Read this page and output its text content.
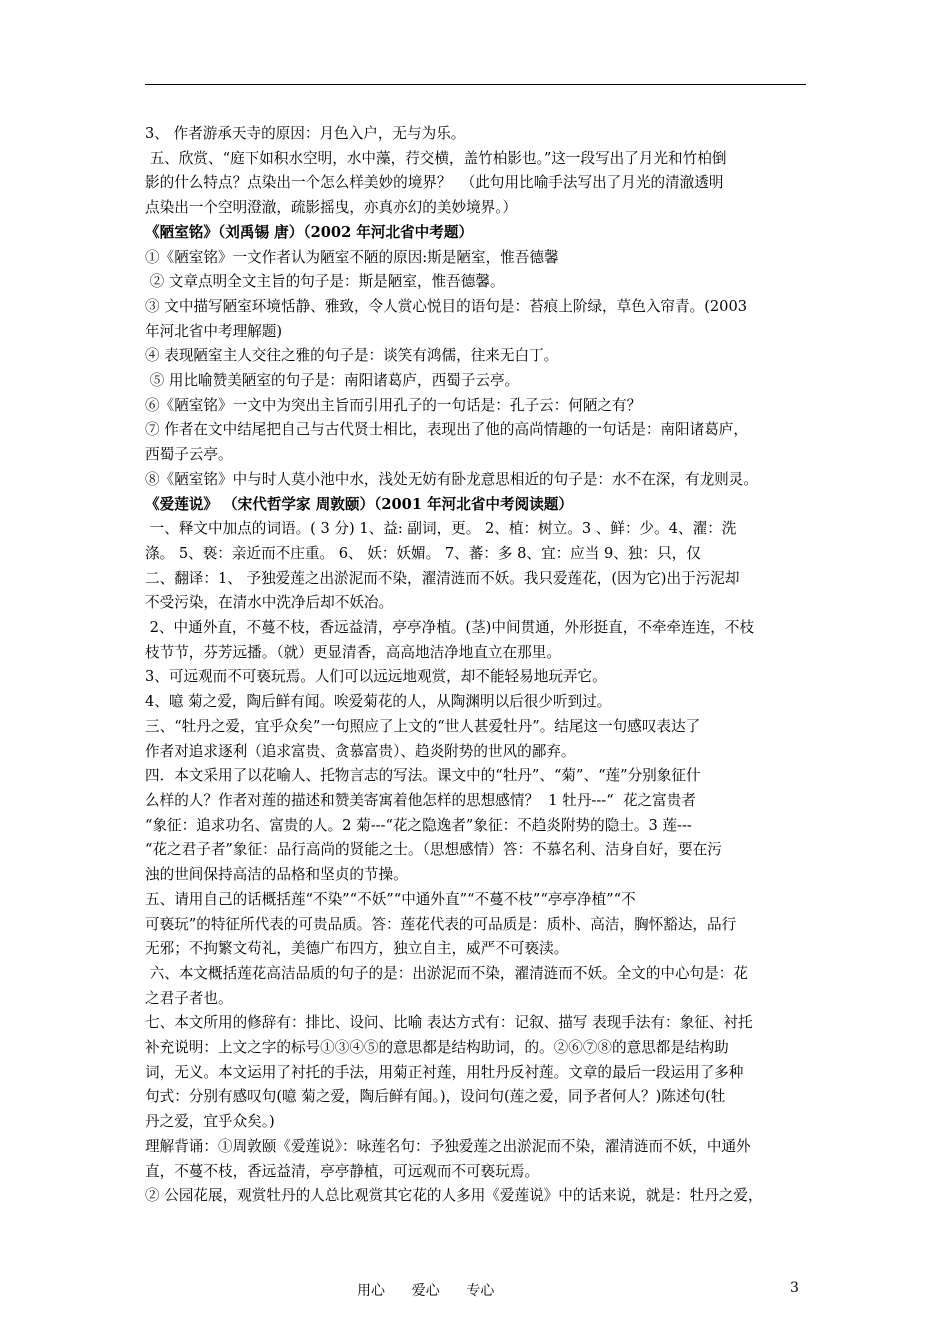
3、 作者游承天寺的原因：月色入户，无与为乐。

五、欣赏、“庭下如积水空明，水中藻，荇交横，盖竹柏影也。”这一段写出了月光和竹柏倒

影的什么特点？点染出一个怎么样美妙的境界？  （此句用比喻手法写出了月光的清澈透明

点染出一个空明澄澈，疏影摇曳，亦真亦幻的美妙境界。）

《陋室铭》（刘禹锡 唐）（2002 年河北省中考题）

①《陋室铭》一文作者认为陋室不陋的原因:斯是陋室，惟吾德馨

② 文章点明全文主旨的句子是：斯是陋室，惟吾德馨。

③ 文中描写陋室环境恬静、雅致，令人赏心悦目的语句是：苔痕上阶绿，草色入帘青。(2003

年河北省中考理解题)

④ 表现陋室主人交往之雅的句子是：谈笑有鸿儒，往来无白丁。

⑤ 用比喻赞美陋室的句子是：南阳诸葛庐，西蜀子云亭。

⑥《陋室铭》一文中为突出主旨而引用孔子的一句话是：孔子云：何陋之有？

⑦ 作者在文中结尾把自己与古代贤士相比，表现出了他的高尚情趣的一句话是：南阳诸葛庐，

西蜀子云亭。

⑧《陋室铭》中与时人莫小池中水，浅处无妨有卧龙意思相近的句子是：水不在深，有龙则灵。

《爱莲说》 （宋代哲学家 周敦颐）（2001 年河北省中考阅读题）

一、释文中加点的词语。( 3 分) 1、益: 副词，更。 2、植：树立。3 、鲜：少。4、濯：洗

涤。 5、亵：亲近而不庄重。 6、 妖：妖媚。 7、蕃：多 8、宜：应当 9、独：只，仅

二、翻译：1、 予独爱莲之出淤泥而不染，濯清涟而不妖。我只爱莲花，(因为它)出于污泥却

不受污染，在清水中洗净后却不妖冶。

2、中通外直，不蔓不枝，香远益清，亭亭净植。(茎)中间贯通，外形挺直，不牵牵连连，不枝

枝节节，芬芳远播。（就）更显清香，高高地洁净地直立在那里。

3、可远观而不可亵玩焉。人们可以远远地观赏，却不能轻易地玩弄它。

4、噫 菊之爱，陶后鲜有闻。唉爱菊花的人，从陶渊明以后很少听到过。

三、“牡丹之爱，宜乎众矣”一句照应了上文的“世人甚爱牡丹”。结尾这一句感叹表达了

作者对追求逐利（追求富贵、贪慕富贵）、趋炎附势的世风的鄙弃。

四．本文采用了以花喻人、托物言志的写法。课文中的“牡丹”、“菊”、“莲”分别象征什

么样的人？作者对莲的描述和赞美寄寓着他怎样的思想感情？  1 牡丹---“  花之富贵者

“象征：追求功名、富贵的人。2 菊---“花之隐逸者”象征：不趋炎附势的隐士。3 莲---

“花之君子者”象征：品行高尚的贤能之士。（思想感情）答：不慕名利、洁身自好，要在污

浊的世间保持高洁的品格和坚贞的节操。

五、请用自己的话概括莲“不染”“不妖”“中通外直”“不蔓不枝”“亭亭净植”“不

可亵玩”的特征所代表的可贵品质。答：莲花代表的可品质是：质朴、高洁，胸怀豁达，品行

无邪；不拘繁文苟礼，美德广布四方，独立自主，威严不可亵渎。

六、本文概括莲花高洁品质的句子的是：出淤泥而不染，濯清涟而不妖。全文的中心句是：花

之君子者也。

七、本文所用的修辞有：排比、设问、比喻 表达方式有：记叙、描写 表现手法有：象征、衬托

补充说明：上文之字的标号①③④⑤的意思都是结构助词，的。②⑥⑦⑧的意思都是结构助

词，无义。本文运用了衬托的手法，用菊正衬莲，用牡丹反衬莲。文章的最后一段运用了多种

句式：分别有感叹句(噫 菊之爱，陶后鲜有闻。)，设问句(莲之爱，同予者何人？)陈述句(牡

丹之爱，宜乎众矣。)

理解背诵：①周敦颐《爱莲说》：咏莲名句：予独爱莲之出淤泥而不染，濯清涟而不妖，中通外

直，不蔓不枝，香远益清，亭亭静植，可远观而不可亵玩焉。

② 公园花展，观赏牡丹的人总比观赏其它花的人多用《爱莲说》中的话来说，就是：牡丹之爱，

用心      爱心      专心	3
